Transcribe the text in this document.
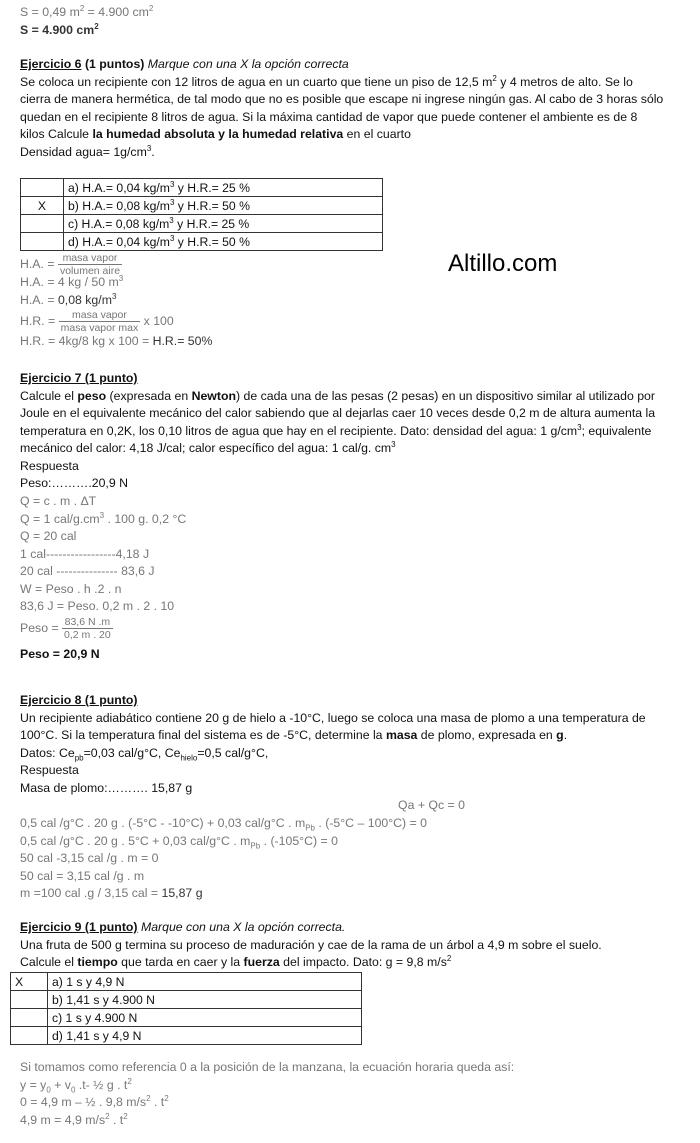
S = 0,49 $m^2 = 4.900$ $cm^2$
S = 4.900 $cm^2$
Ejercicio 6 (1 puntos) Marque con una X la opción correcta
Se coloca un recipiente con 12 litros de agua en un cuarto que tiene un piso de 12,5 $m^2$ y 4 metros de alto. Se lo
cierra de manera hermética, de tal modo que no es posible que escape ni ingrese ningún gas. Al cabo de 3 horas sólo
quedan en el recipiente 8 litros de agua. Si la máxima cantidad de vapor que puede contener el ambiente es de 8
kilos Calcule la humedad absoluta y la humedad relativa en el cuarto
Densidad agua= $1g/cm^3$.
	a) H.A.= 0,04 $kg/m^3$ y H.R.= 25 %
X	b) H.A.= 0,08 $kg/m^3$ y H.R.= 50 %
	c) H.A.= 0,08 $kg/m^3$ y H.R.= 25 %
	d) H.A.= 0,04 $kg/m^3$ y H.R.= 50 %
H.A. = $\frac{\text{masa vapor}}{\text{volumen aire}}$
H.A. = 4 kg / 50 $m^3$
H.A. = 0,08 $kg/m^3$
H.R. = $\frac{\text{masa vapor}}{\text{masa vapor max}}$ x 100
H.R. = 4kg/8 kg x 100 = H.R.= 50%
Altillo.com
Ejercicio 7 (1 punto)
Calcule el peso (expresada en Newton) de cada una de las pesas (2 pesas) en un dispositivo similar al utilizado por
Joule en el equivalente mecánico del calor sabiendo que al dejarlas caer 10 veces desde 0,2 m de altura aumenta la
temperatura en 0,2K, los 0,10 litros de agua que hay en el recipiente. Dato: densidad del agua: 1 $g/cm^3$; equivalente
mecánico del calor: 4,18 J/cal; calor específico del agua: 1 cal/g. $cm^3$
Respuesta
Peso:……….20,9 N
Q = c . m . ΔT
Q = 1 cal/$g.cm^3$ . 100 g. 0,2 °C
Q = 20 cal
1 cal-----------------4,18 J
20 cal --------------- 83,6 J
W = Peso . h .2 . n
83,6 J = Peso. 0,2 m . 2 . 10
Peso = $\frac{83,6 N .m}{0,2 m . 20}$
Peso = 20,9 N
Ejercicio 8 (1 punto)
Un recipiente adiabático contiene 20 g de hielo a -10°C, luego se coloca una masa de plomo a una temperatura de
100°C. Si la temperatura final del sistema es de -5°C, determine la masa de plomo, expresada en g.
Datos: $Ce_{pb}=0,03$ cal/g°C, $Ce_{hielo}=0,5$ cal/g°C,
Respuesta
Masa de plomo:………. 15,87 g
Qa + Qc = 0
0,5 cal /g°C . 20 g . (-5°C - -10°C) + 0,03 cal/g°C . $m_{Pb}$ . (-5°C – 100°C) = 0
0,5 cal /g°C . 20 g . 5°C + 0,03 cal/g°C . $m_{Pb}$ . (-105°C) = 0
50 cal -3,15 cal /g . m = 0
50 cal = 3,15 cal /g . m
m =100 cal .g / 3,15 cal = 15,87 g
Ejercicio 9 (1 punto) Marque con una X la opción correcta.
Una fruta de 500 g termina su proceso de maduración y cae de la rama de un árbol a 4,9 m sobre el suelo.
Calcule el tiempo que tarda en caer y la fuerza del impacto. Dato: g = 9,8 $m/s^2$
X	a) 1 s y 4,9 N
	b) 1,41 s y 4.900 N
	c) 1 s y 4.900 N
	d) 1,41 s y 4,9 N
Si tomamos como referencia 0 a la posición de la manzana, la ecuación horaria queda así:
$y = y_0 + v_0$ .t- ½ g . $t^2$
0 = 4,9 m – ½ . 9,8 $m/s^2$ . $t^2$
4,9 m = 4,9 $m/s^2$ . $t^2$
